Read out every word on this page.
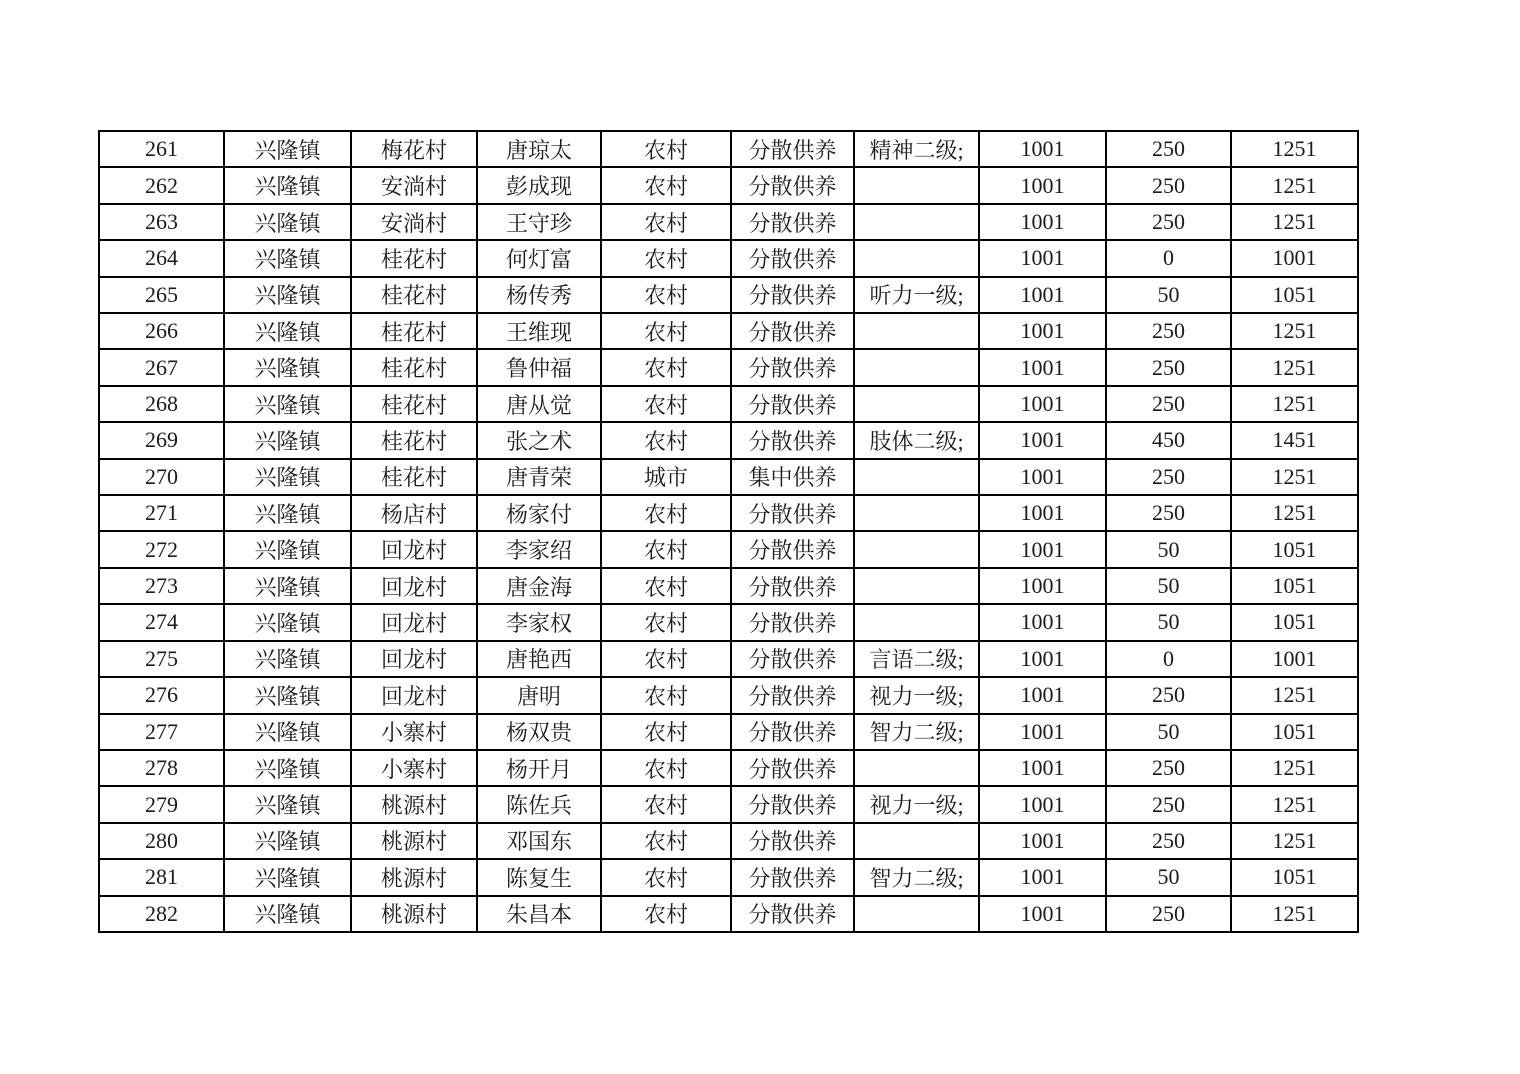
261	兴隆镇	梅花村	唐琼太	农村	分散供养	精神二级;	1001	250	1251
262	兴隆镇	安淌村	彭成现	农村	分散供养		1001	250	1251
263	兴隆镇	安淌村	王守珍	农村	分散供养		1001	250	1251
264	兴隆镇	桂花村	何灯富	农村	分散供养		1001	0	1001
265	兴隆镇	桂花村	杨传秀	农村	分散供养	听力一级;	1001	50	1051
266	兴隆镇	桂花村	王维现	农村	分散供养		1001	250	1251
267	兴隆镇	桂花村	鲁仲福	农村	分散供养		1001	250	1251
268	兴隆镇	桂花村	唐从觉	农村	分散供养		1001	250	1251
269	兴隆镇	桂花村	张之术	农村	分散供养	肢体二级;	1001	450	1451
270	兴隆镇	桂花村	唐青荣	城市	集中供养		1001	250	1251
271	兴隆镇	杨店村	杨家付	农村	分散供养		1001	250	1251
272	兴隆镇	回龙村	李家绍	农村	分散供养		1001	50	1051
273	兴隆镇	回龙村	唐金海	农村	分散供养		1001	50	1051
274	兴隆镇	回龙村	李家权	农村	分散供养		1001	50	1051
275	兴隆镇	回龙村	唐艳西	农村	分散供养	言语二级;	1001	0	1001
276	兴隆镇	回龙村	唐明	农村	分散供养	视力一级;	1001	250	1251
277	兴隆镇	小寨村	杨双贵	农村	分散供养	智力二级;	1001	50	1051
278	兴隆镇	小寨村	杨开月	农村	分散供养		1001	250	1251
279	兴隆镇	桃源村	陈佐兵	农村	分散供养	视力一级;	1001	250	1251
280	兴隆镇	桃源村	邓国东	农村	分散供养		1001	250	1251
281	兴隆镇	桃源村	陈复生	农村	分散供养	智力二级;	1001	50	1051
282	兴隆镇	桃源村	朱昌本	农村	分散供养		1001	250	1251
